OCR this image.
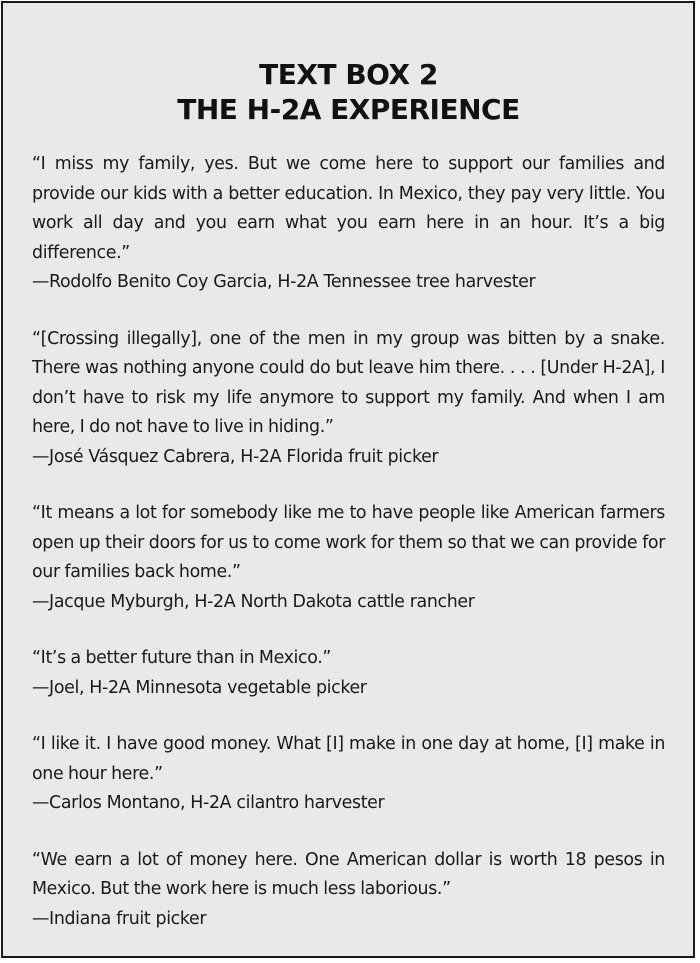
TEXT BOX 2
THE H-2A EXPERIENCE

“I miss my family, yes. But we come here to support our families and provide our kids with a better education. In Mexico, they pay very little. You work all day and you earn what you earn here in an hour. It’s a big difference.”

—Rodolfo Benito Coy Garcia, H-2A Tennessee tree harvester

“[Crossing illegally], one of the men in my group was bitten by a snake. There was nothing anyone could do but leave him there. . . . [Under H-2A], I don’t have to risk my life anymore to support my family. And when I am here, I do not have to live in hiding.”

—José Vásquez Cabrera, H-2A Florida fruit picker

“It means a lot for somebody like me to have people like American farmers open up their doors for us to come work for them so that we can provide for our families back home.”

—Jacque Myburgh, H-2A North Dakota cattle rancher

“It’s a better future than in Mexico.”

—Joel, H-2A Minnesota vegetable picker

“I like it. I have good money. What [I] make in one day at home, [I] make in one hour here.”

—Carlos Montano, H-2A cilantro harvester

“We earn a lot of money here. One American dollar is worth 18 pesos in Mexico. But the work here is much less laborious.”

—Indiana fruit picker
